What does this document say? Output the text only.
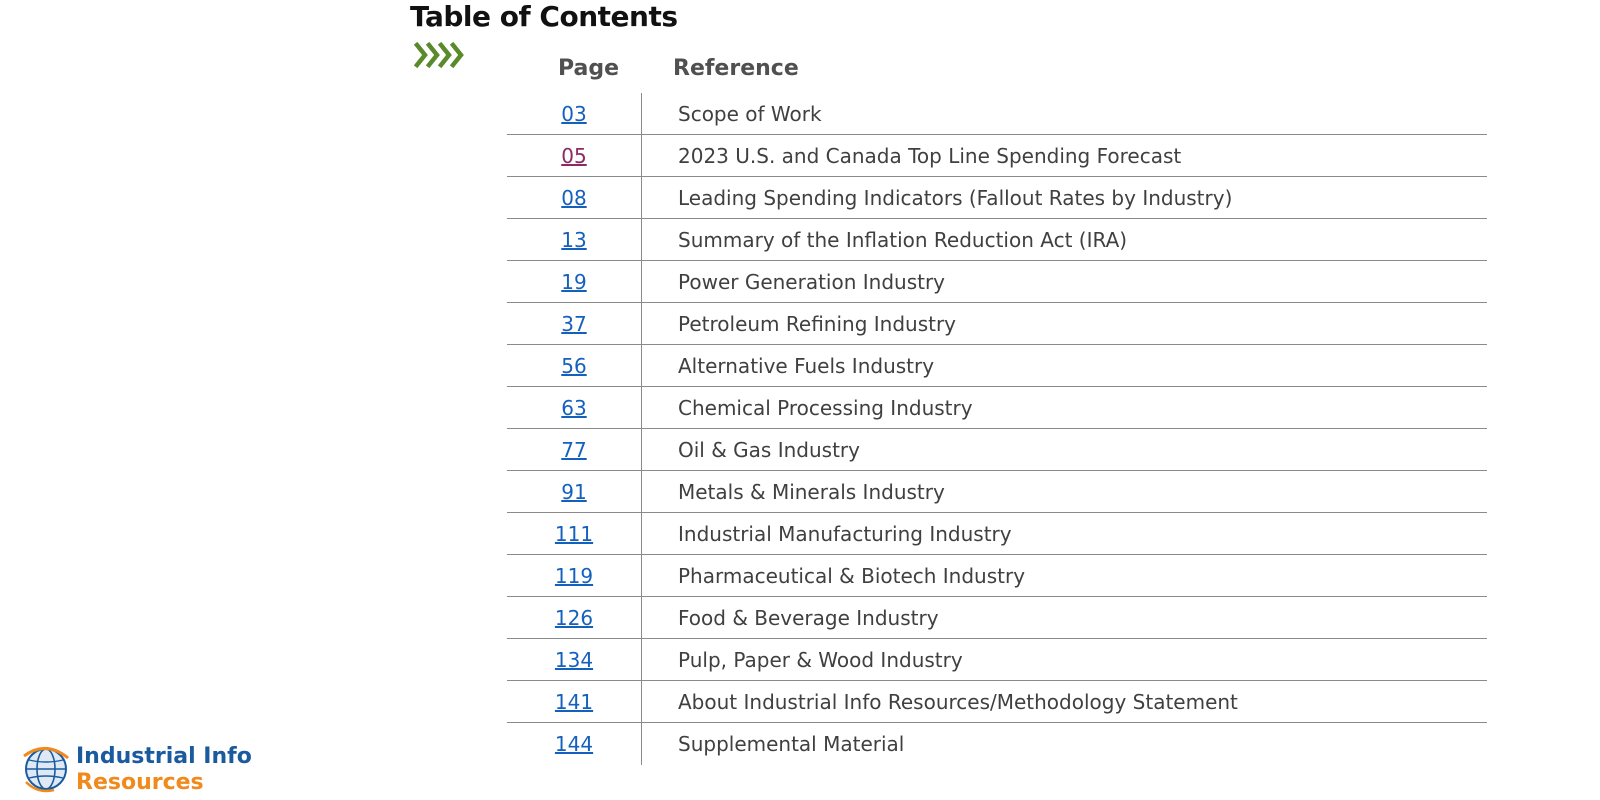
Table of Contents
Page Reference
03	Scope of Work
05	2023 U.S. and Canada Top Line Spending Forecast
08	Leading Spending Indicators (Fallout Rates by Industry)
13	Summary of the Inflation Reduction Act (IRA)
19	Power Generation Industry
37	Petroleum Refining Industry
56	Alternative Fuels Industry
63	Chemical Processing Industry
77	Oil & Gas Industry
91	Metals & Minerals Industry
111	Industrial Manufacturing Industry
119	Pharmaceutical & Biotech Industry
126	Food & Beverage Industry
134	Pulp, Paper & Wood Industry
141	About Industrial Info Resources/Methodology Statement
144	Supplemental Material
Industrial Info
Resources
